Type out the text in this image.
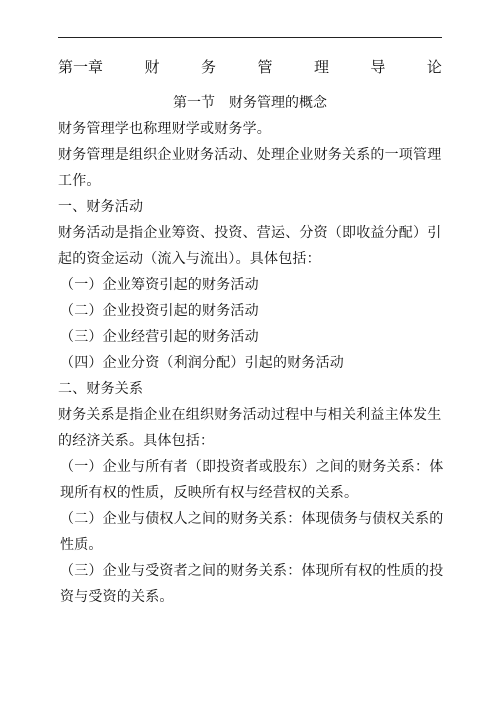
第一章	财	务	管	理	导	论
第一节　财务管理的概念

财务管理学也称理财学或财务学。

财务管理是组织企业财务活动、处理企业财务关系的一项管理工作。

一、财务活动

财务活动是指企业筹资、投资、营运、分资（即收益分配）引起的资金运动（流入与流出）。具体包括：

（一）企业筹资引起的财务活动

（二）企业投资引起的财务活动

（三）企业经营引起的财务活动

（四）企业分资（利润分配）引起的财务活动

二、财务关系

财务关系是指企业在组织财务活动过程中与相关利益主体发生的经济关系。具体包括：

（一）企业与所有者（即投资者或股东）之间的财务关系：体现所有权的性质，反映所有权与经营权的关系。

（二）企业与债权人之间的财务关系：体现债务与债权关系的性质。

（三）企业与受资者之间的财务关系：体现所有权的性质的投资与受资的关系。
